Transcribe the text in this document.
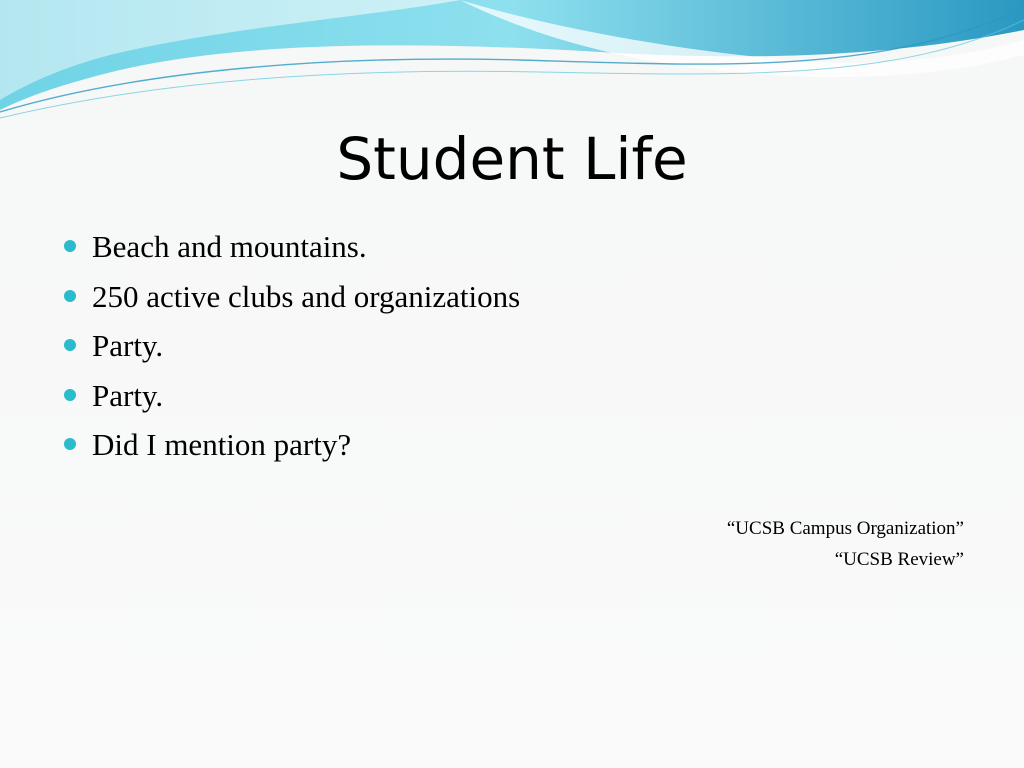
Student Life
Beach and mountains.
250 active clubs and organizations
Party.
Party.
Did I mention party?
“UCSB Campus Organization”
“UCSB Review”
